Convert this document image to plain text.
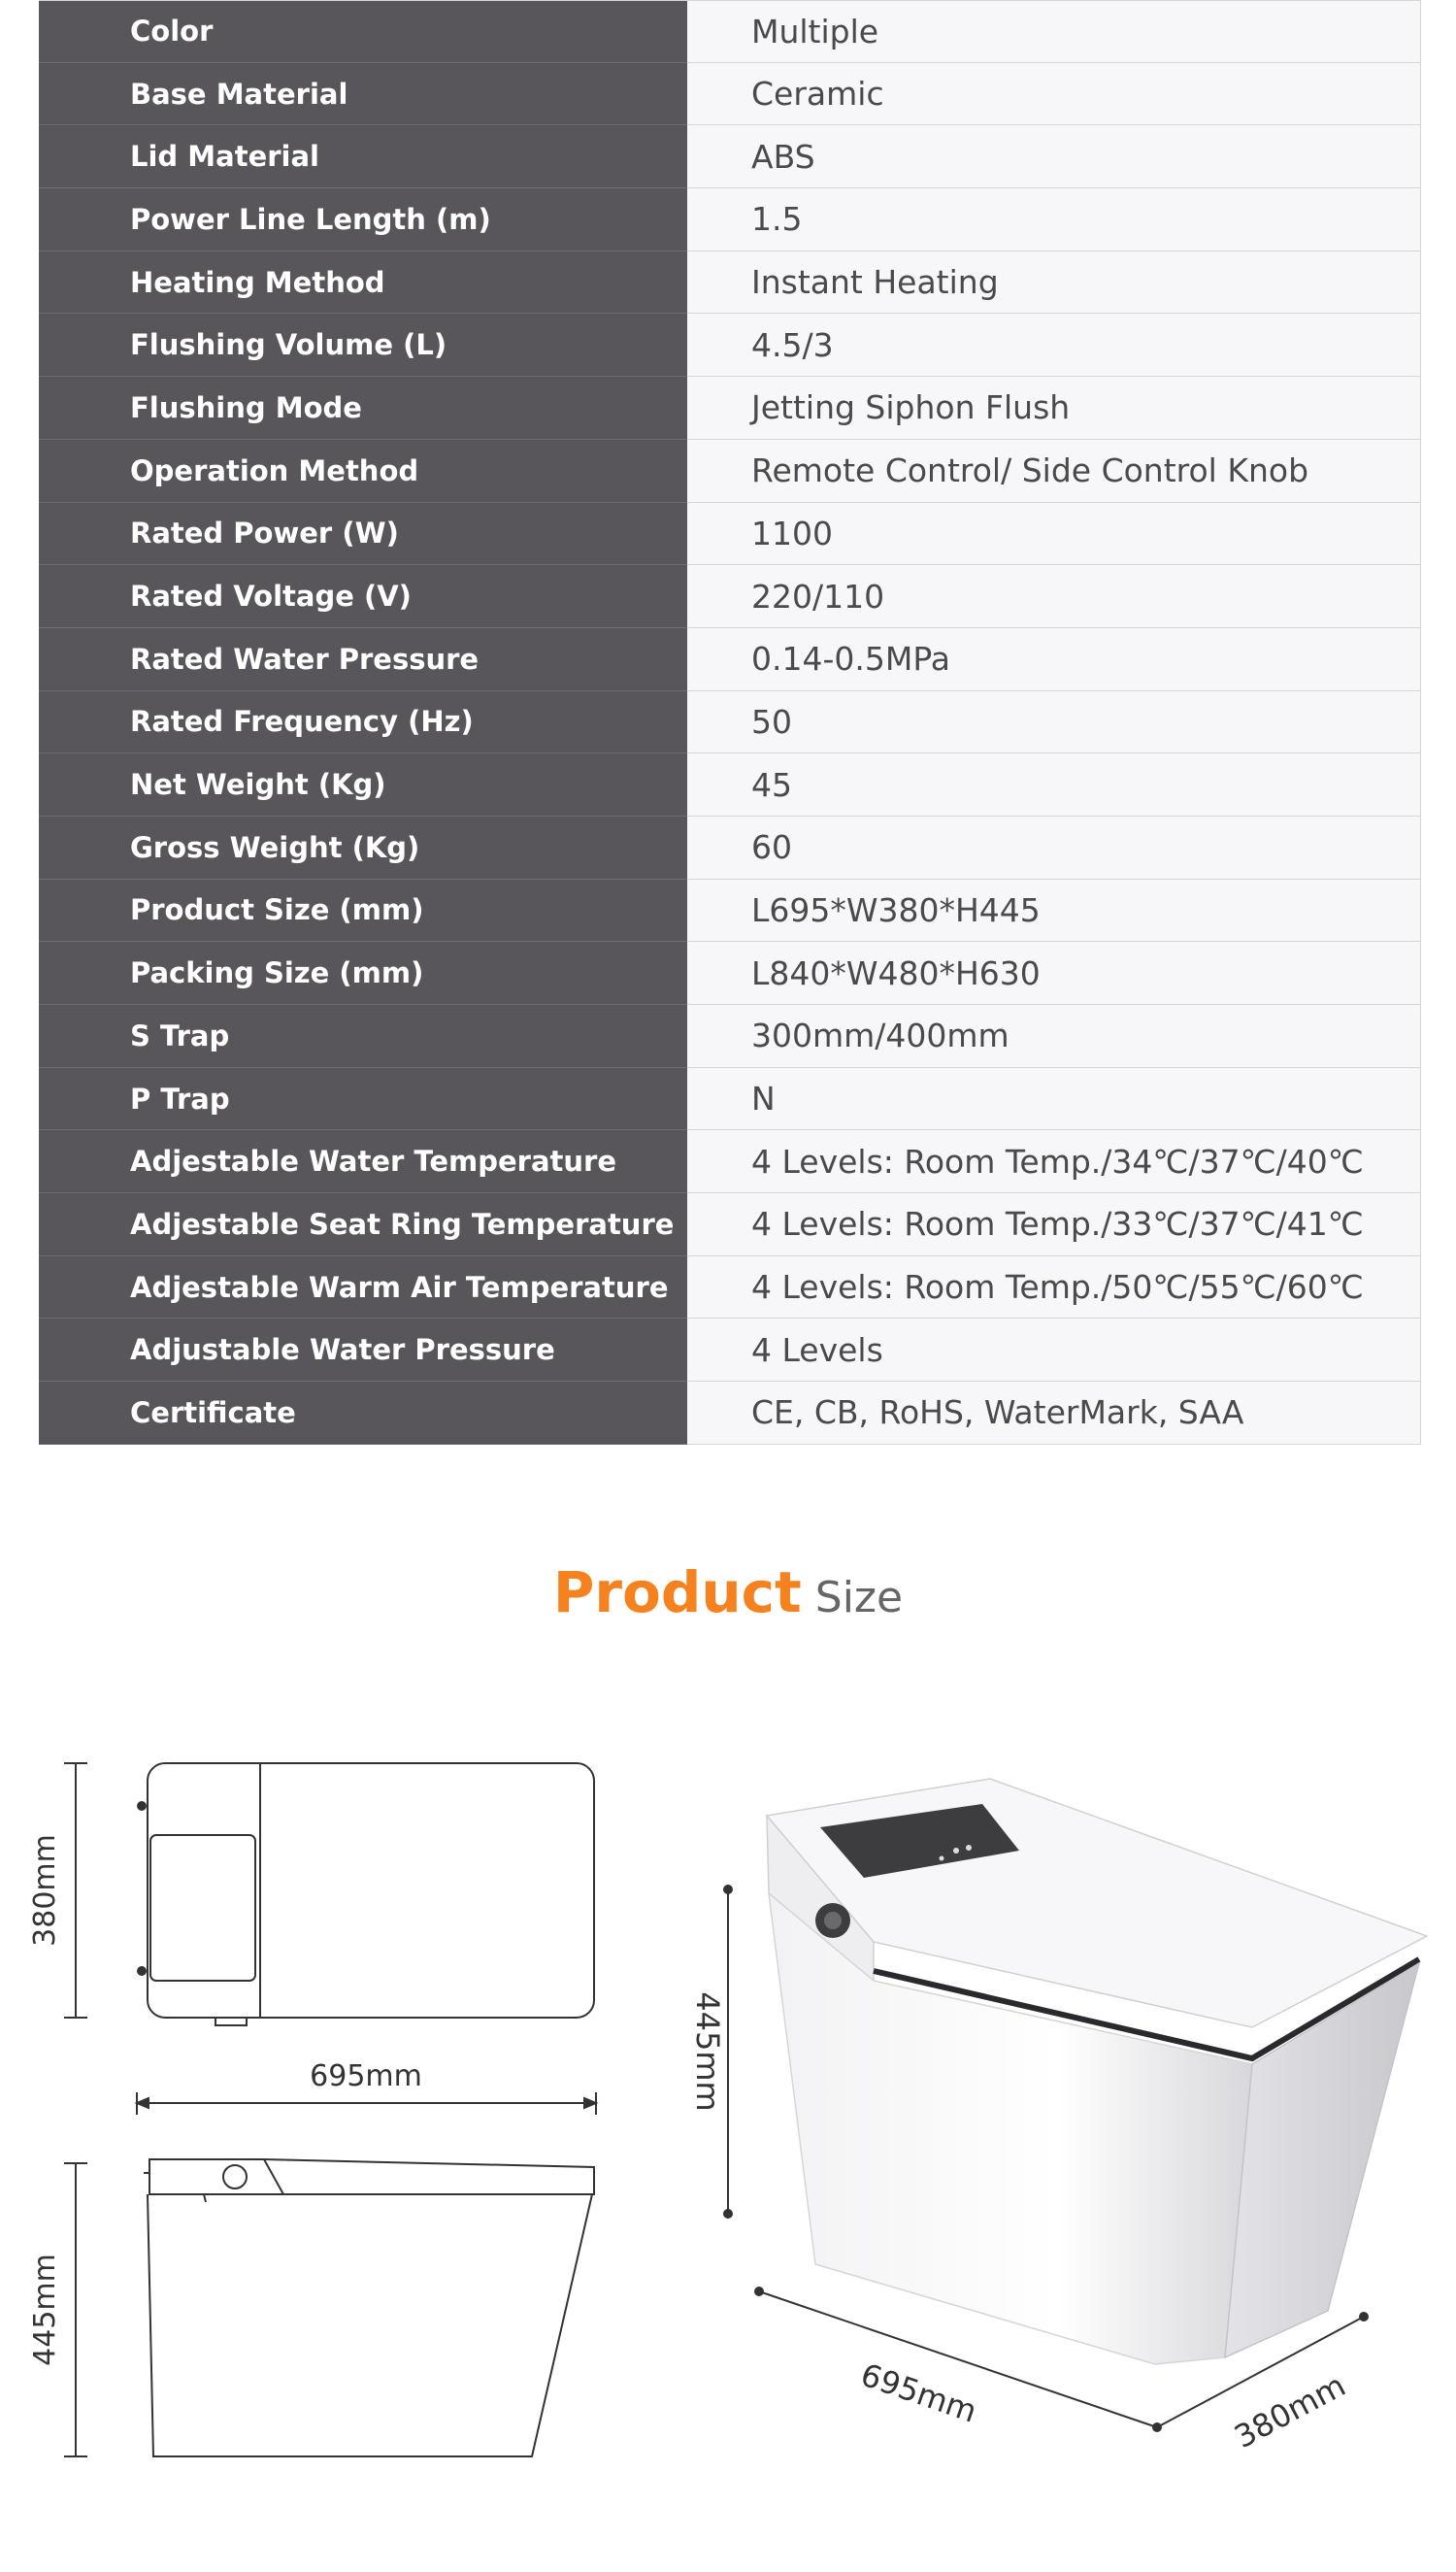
Color	Multiple
Base Material	Ceramic
Lid Material	ABS
Power Line Length (m)	1.5
Heating Method	Instant Heating
Flushing Volume (L)	4.5/3
Flushing Mode	Jetting Siphon Flush
Operation Method	Remote Control/ Side Control Knob
Rated Power (W)	1100
Rated Voltage (V)	220/110
Rated Water Pressure	0.14-0.5MPa
Rated Frequency (Hz)	50
Net Weight (Kg)	45
Gross Weight (Kg)	60
Product Size (mm)	L695*W380*H445
Packing Size (mm)	L840*W480*H630
S Trap	300mm/400mm
P Trap	N
Adjestable Water Temperature	4 Levels: Room Temp./34℃/37℃/40℃
Adjestable Seat Ring Temperature	4 Levels: Room Temp./33℃/37℃/41℃
Adjestable Warm Air Temperature	4 Levels: Room Temp./50℃/55℃/60℃
Adjustable Water Pressure	4 Levels
Certificate	CE, CB, RoHS, WaterMark, SAA
Product Size
380mm
695mm
445mm
445mm
695mm	380mm
